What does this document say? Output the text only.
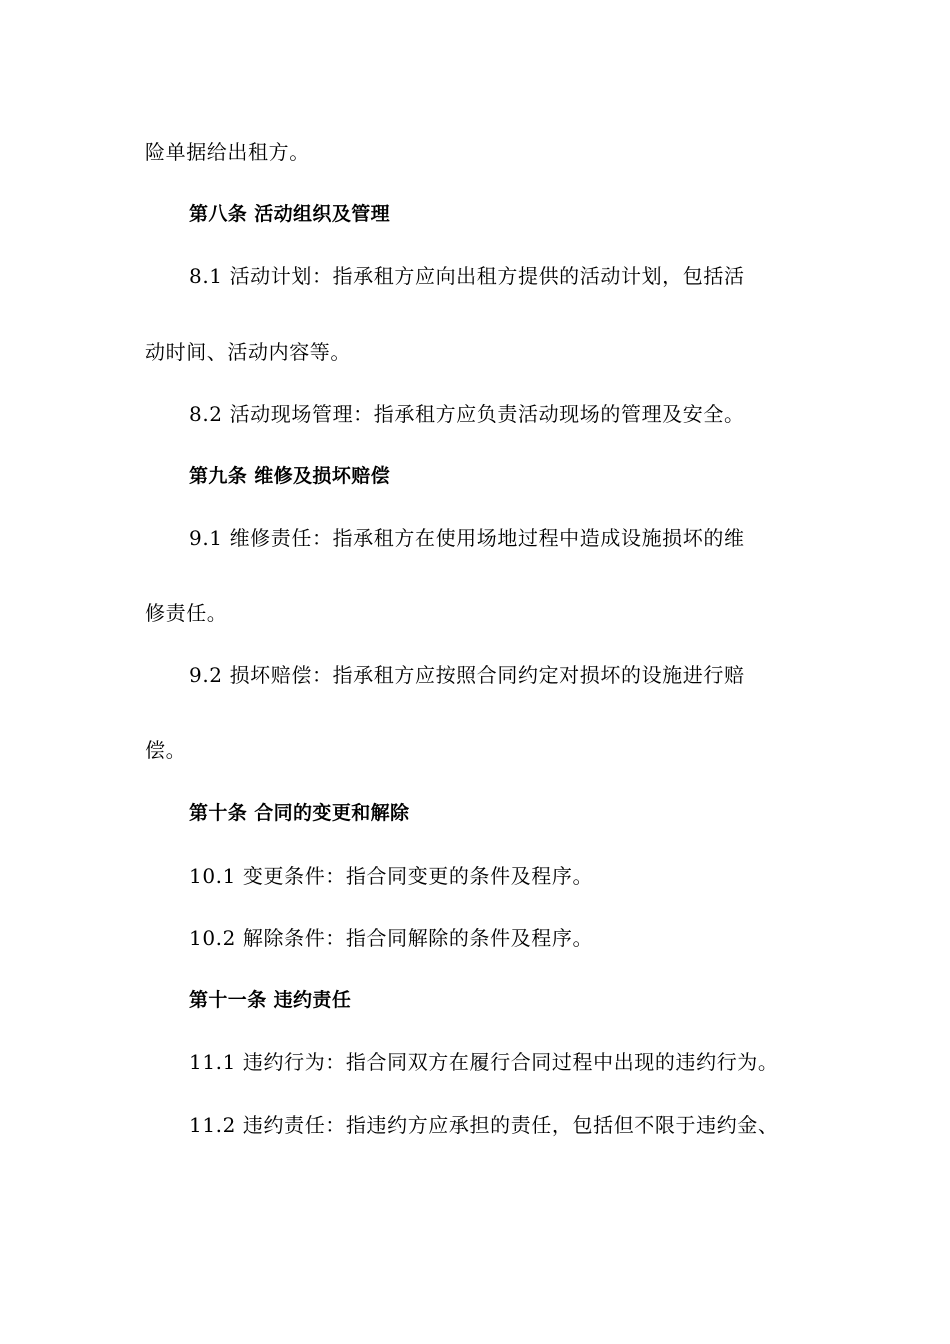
险单据给出租方。
第八条 活动组织及管理
8.1 活动计划：指承租方应向出租方提供的活动计划，包括活
动时间、活动内容等。
8.2 活动现场管理：指承租方应负责活动现场的管理及安全。
第九条 维修及损坏赔偿
9.1 维修责任：指承租方在使用场地过程中造成设施损坏的维
修责任。
9.2 损坏赔偿：指承租方应按照合同约定对损坏的设施进行赔
偿。
第十条 合同的变更和解除
10.1 变更条件：指合同变更的条件及程序。
10.2 解除条件：指合同解除的条件及程序。
第十一条 违约责任
11.1 违约行为：指合同双方在履行合同过程中出现的违约行为。
11.2 违约责任：指违约方应承担的责任，包括但不限于违约金、
